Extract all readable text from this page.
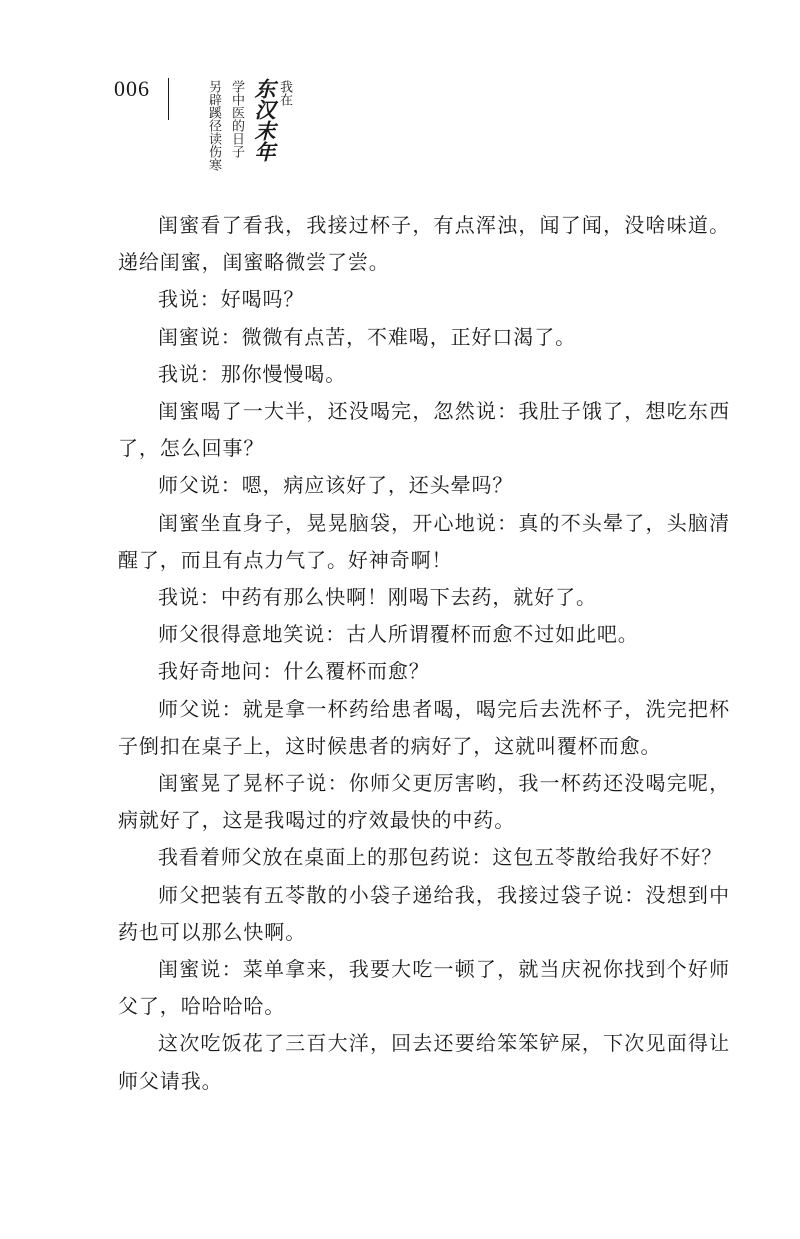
006	我在
东汉末年
学中医的日子
另辟蹊径读伤寒

闺蜜看了看我，我接过杯子，有点浑浊，闻了闻，没啥味道。递给闺蜜，闺蜜略微尝了尝。

我说：好喝吗？

闺蜜说：微微有点苦，不难喝，正好口渴了。

我说：那你慢慢喝。

闺蜜喝了一大半，还没喝完，忽然说：我肚子饿了，想吃东西了，怎么回事？

师父说：嗯，病应该好了，还头晕吗？

闺蜜坐直身子，晃晃脑袋，开心地说：真的不头晕了，头脑清醒了，而且有点力气了。好神奇啊！

我说：中药有那么快啊！刚喝下去药，就好了。

师父很得意地笑说：古人所谓覆杯而愈不过如此吧。

我好奇地问：什么覆杯而愈？

师父说：就是拿一杯药给患者喝，喝完后去洗杯子，洗完把杯子倒扣在桌子上，这时候患者的病好了，这就叫覆杯而愈。

闺蜜晃了晃杯子说：你师父更厉害哟，我一杯药还没喝完呢，病就好了，这是我喝过的疗效最快的中药。

我看着师父放在桌面上的那包药说：这包五苓散给我好不好？

师父把装有五苓散的小袋子递给我，我接过袋子说：没想到中药也可以那么快啊。

闺蜜说：菜单拿来，我要大吃一顿了，就当庆祝你找到个好师父了，哈哈哈哈。

这次吃饭花了三百大洋，回去还要给笨笨铲屎，下次见面得让师父请我。
